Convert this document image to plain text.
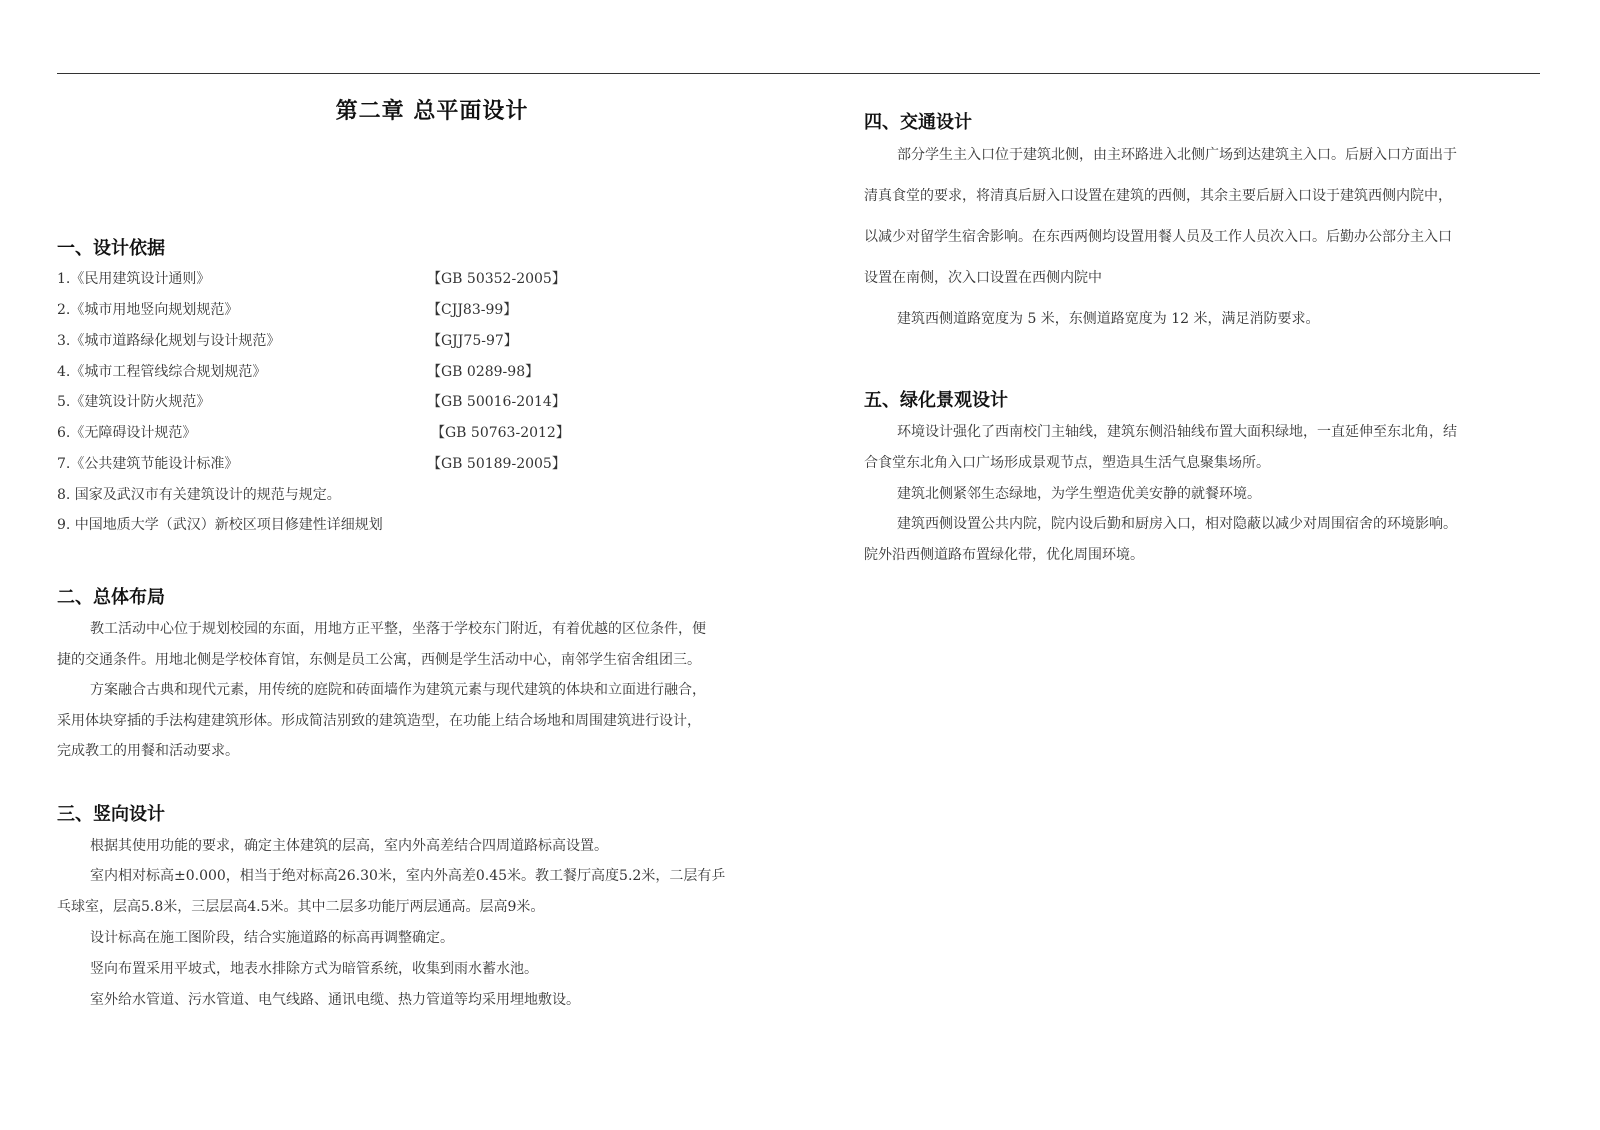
第二章 总平面设计
一、设计依据
1.《民用建筑设计通则》	【GB 50352-2005】
2.《城市用地竖向规划规范》	【CJJ83-99】
3.《城市道路绿化规划与设计规范》	【GJJ75-97】
4.《城市工程管线综合规划规范》	【GB 0289-98】
5.《建筑设计防火规范》	【GB 50016-2014】
6.《无障碍设计规范》	【GB 50763-2012】
7.《公共建筑节能设计标准》	【GB 50189-2005】
8. 国家及武汉市有关建筑设计的规范与规定。
9. 中国地质大学（武汉）新校区项目修建性详细规划
二、总体布局
教工活动中心位于规划校园的东面，用地方正平整，坐落于学校东门附近，有着优越的区位条件，便
捷的交通条件。用地北侧是学校体育馆，东侧是员工公寓，西侧是学生活动中心，南邻学生宿舍组团三。
方案融合古典和现代元素，用传统的庭院和砖面墙作为建筑元素与现代建筑的体块和立面进行融合，
采用体块穿插的手法构建建筑形体。形成简洁别致的建筑造型，在功能上结合场地和周围建筑进行设计，
完成教工的用餐和活动要求。
三、竖向设计
根据其使用功能的要求，确定主体建筑的层高，室内外高差结合四周道路标高设置。
室内相对标高±0.000，相当于绝对标高26.30米，室内外高差0.45米。教工餐厅高度5.2米，二层有乒
乓球室，层高5.8米，三层层高4.5米。其中二层多功能厅两层通高。层高9米。
设计标高在施工图阶段，结合实施道路的标高再调整确定。
竖向布置采用平坡式，地表水排除方式为暗管系统，收集到雨水蓄水池。
室外给水管道、污水管道、电气线路、通讯电缆、热力管道等均采用埋地敷设。
四、交通设计
部分学生主入口位于建筑北侧，由主环路进入北侧广场到达建筑主入口。后厨入口方面出于
清真食堂的要求，将清真后厨入口设置在建筑的西侧，其余主要后厨入口设于建筑西侧内院中，
以减少对留学生宿舍影响。在东西两侧均设置用餐人员及工作人员次入口。后勤办公部分主入口
设置在南侧，次入口设置在西侧内院中
建筑西侧道路宽度为 5 米，东侧道路宽度为 12 米，满足消防要求。
五、绿化景观设计
环境设计强化了西南校门主轴线，建筑东侧沿轴线布置大面积绿地，一直延伸至东北角，结
合食堂东北角入口广场形成景观节点，塑造具生活气息聚集场所。
建筑北侧紧邻生态绿地，为学生塑造优美安静的就餐环境。
建筑西侧设置公共内院，院内设后勤和厨房入口，相对隐蔽以减少对周围宿舍的环境影响。
院外沿西侧道路布置绿化带，优化周围环境。
